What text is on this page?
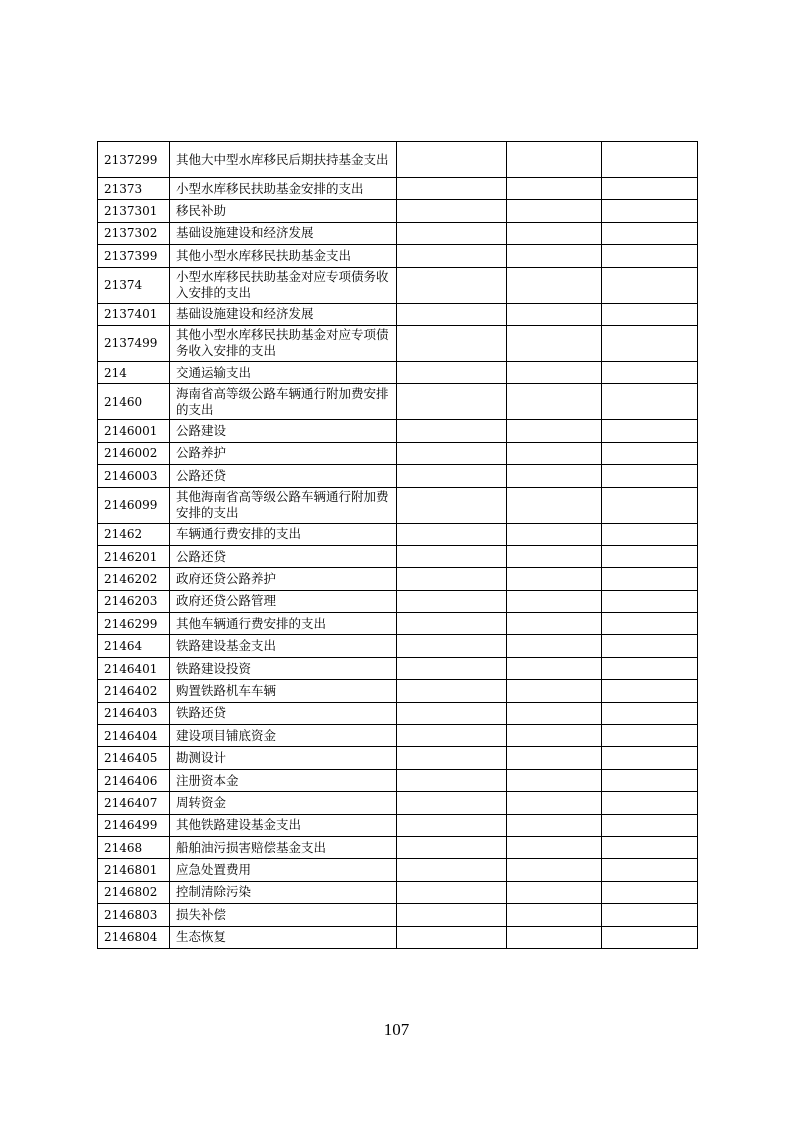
2137299	其他大中型水库移民后期扶持基金支出			
21373	小型水库移民扶助基金安排的支出			
2137301	移民补助			
2137302	基础设施建设和经济发展			
2137399	其他小型水库移民扶助基金支出			
21374	小型水库移民扶助基金对应专项债务收入安排的支出			
2137401	基础设施建设和经济发展			
2137499	其他小型水库移民扶助基金对应专项债务收入安排的支出			
214	交通运输支出			
21460	海南省高等级公路车辆通行附加费安排的支出			
2146001	公路建设			
2146002	公路养护			
2146003	公路还贷			
2146099	其他海南省高等级公路车辆通行附加费安排的支出			
21462	车辆通行费安排的支出			
2146201	公路还贷			
2146202	政府还贷公路养护			
2146203	政府还贷公路管理			
2146299	其他车辆通行费安排的支出			
21464	铁路建设基金支出			
2146401	铁路建设投资			
2146402	购置铁路机车车辆			
2146403	铁路还贷			
2146404	建设项目铺底资金			
2146405	勘测设计			
2146406	注册资本金			
2146407	周转资金			
2146499	其他铁路建设基金支出			
21468	船舶油污损害赔偿基金支出			
2146801	应急处置费用			
2146802	控制清除污染			
2146803	损失补偿			
2146804	生态恢复			
107
